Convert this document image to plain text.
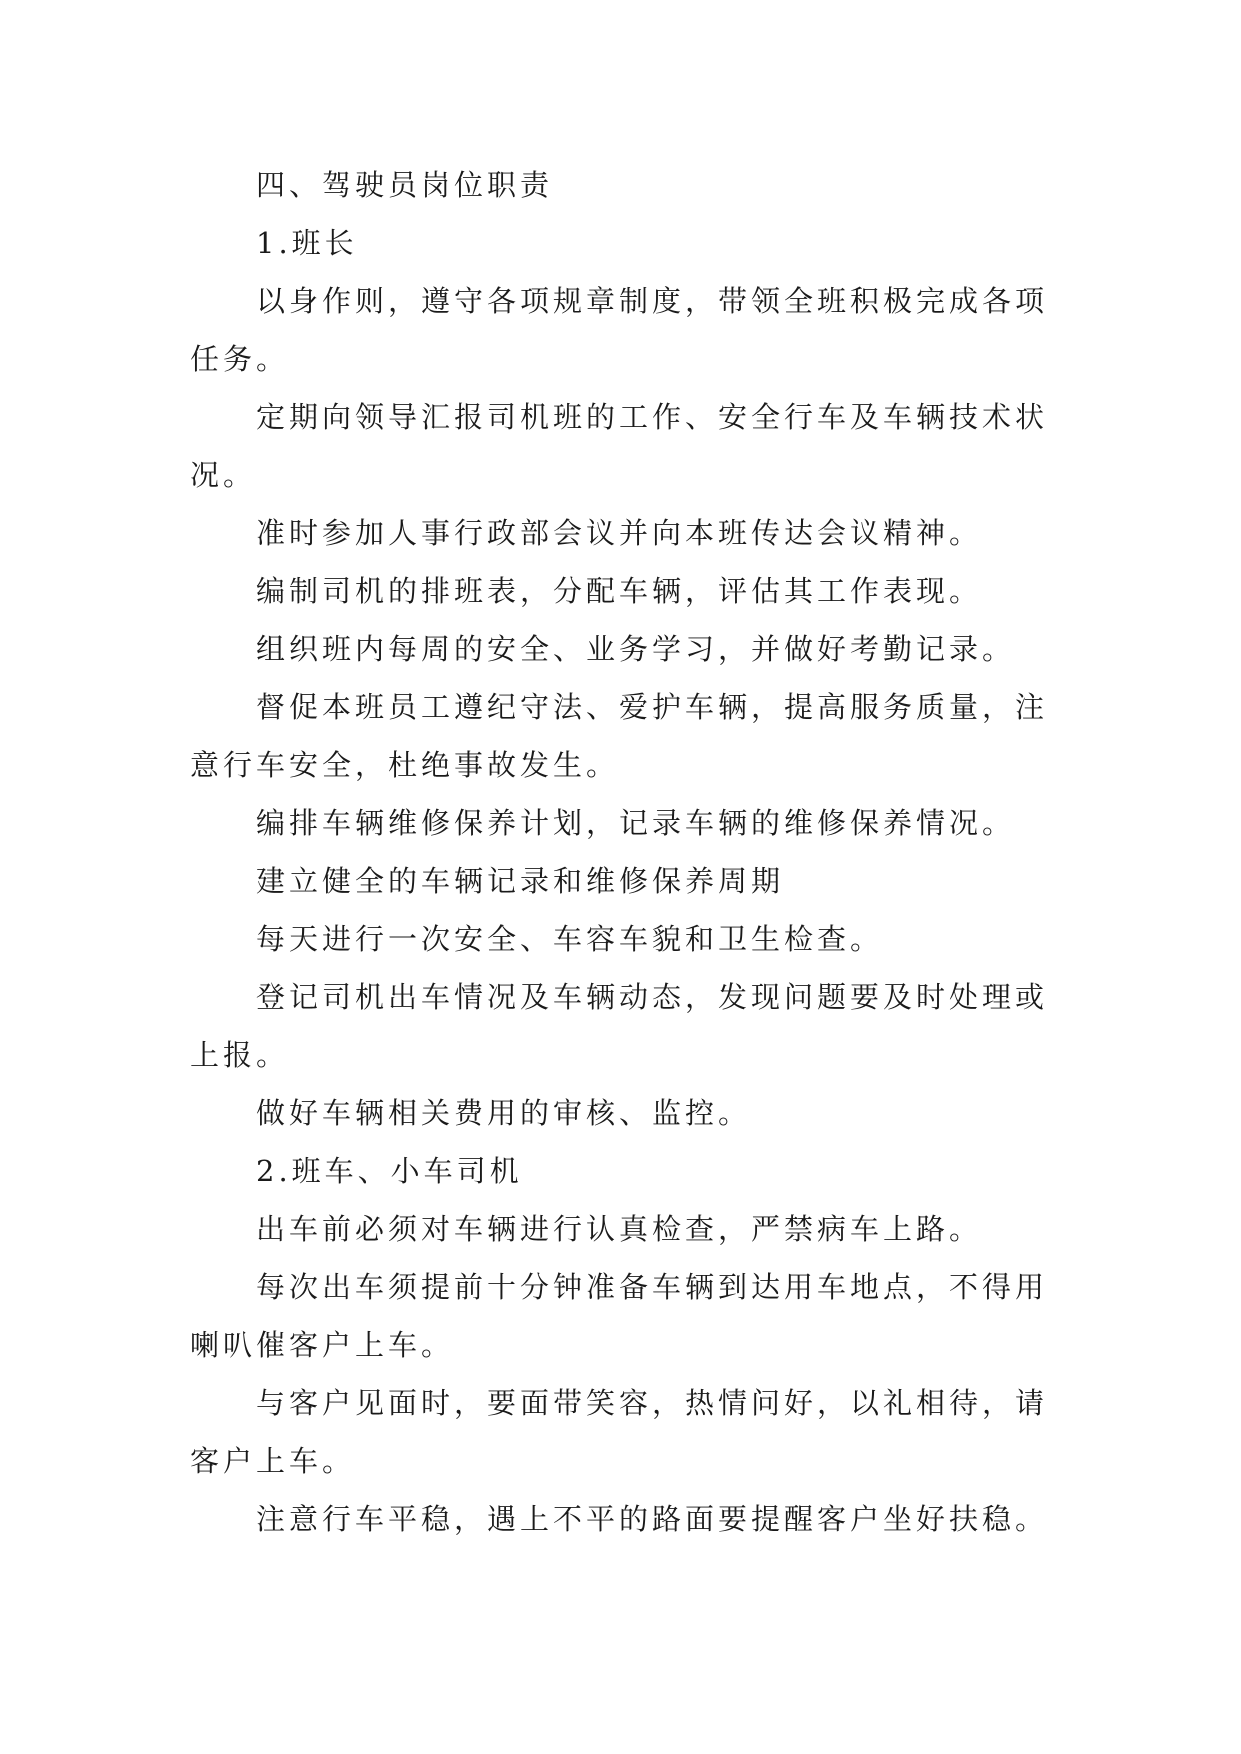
四、驾驶员岗位职责

1.班长

以身作则，遵守各项规章制度，带领全班积极完成各项任务。

定期向领导汇报司机班的工作、安全行车及车辆技术状况。

准时参加人事行政部会议并向本班传达会议精神。

编制司机的排班表，分配车辆，评估其工作表现。

组织班内每周的安全、业务学习，并做好考勤记录。

督促本班员工遵纪守法、爱护车辆，提高服务质量，注意行车安全，杜绝事故发生。

编排车辆维修保养计划，记录车辆的维修保养情况。

建立健全的车辆记录和维修保养周期

每天进行一次安全、车容车貌和卫生检查。

登记司机出车情况及车辆动态，发现问题要及时处理或上报。

做好车辆相关费用的审核、监控。

2.班车、小车司机

出车前必须对车辆进行认真检查，严禁病车上路。

每次出车须提前十分钟准备车辆到达用车地点，不得用喇叭催客户上车。

与客户见面时，要面带笑容，热情问好，以礼相待，请客户上车。

注意行车平稳，遇上不平的路面要提醒客户坐好扶稳。
